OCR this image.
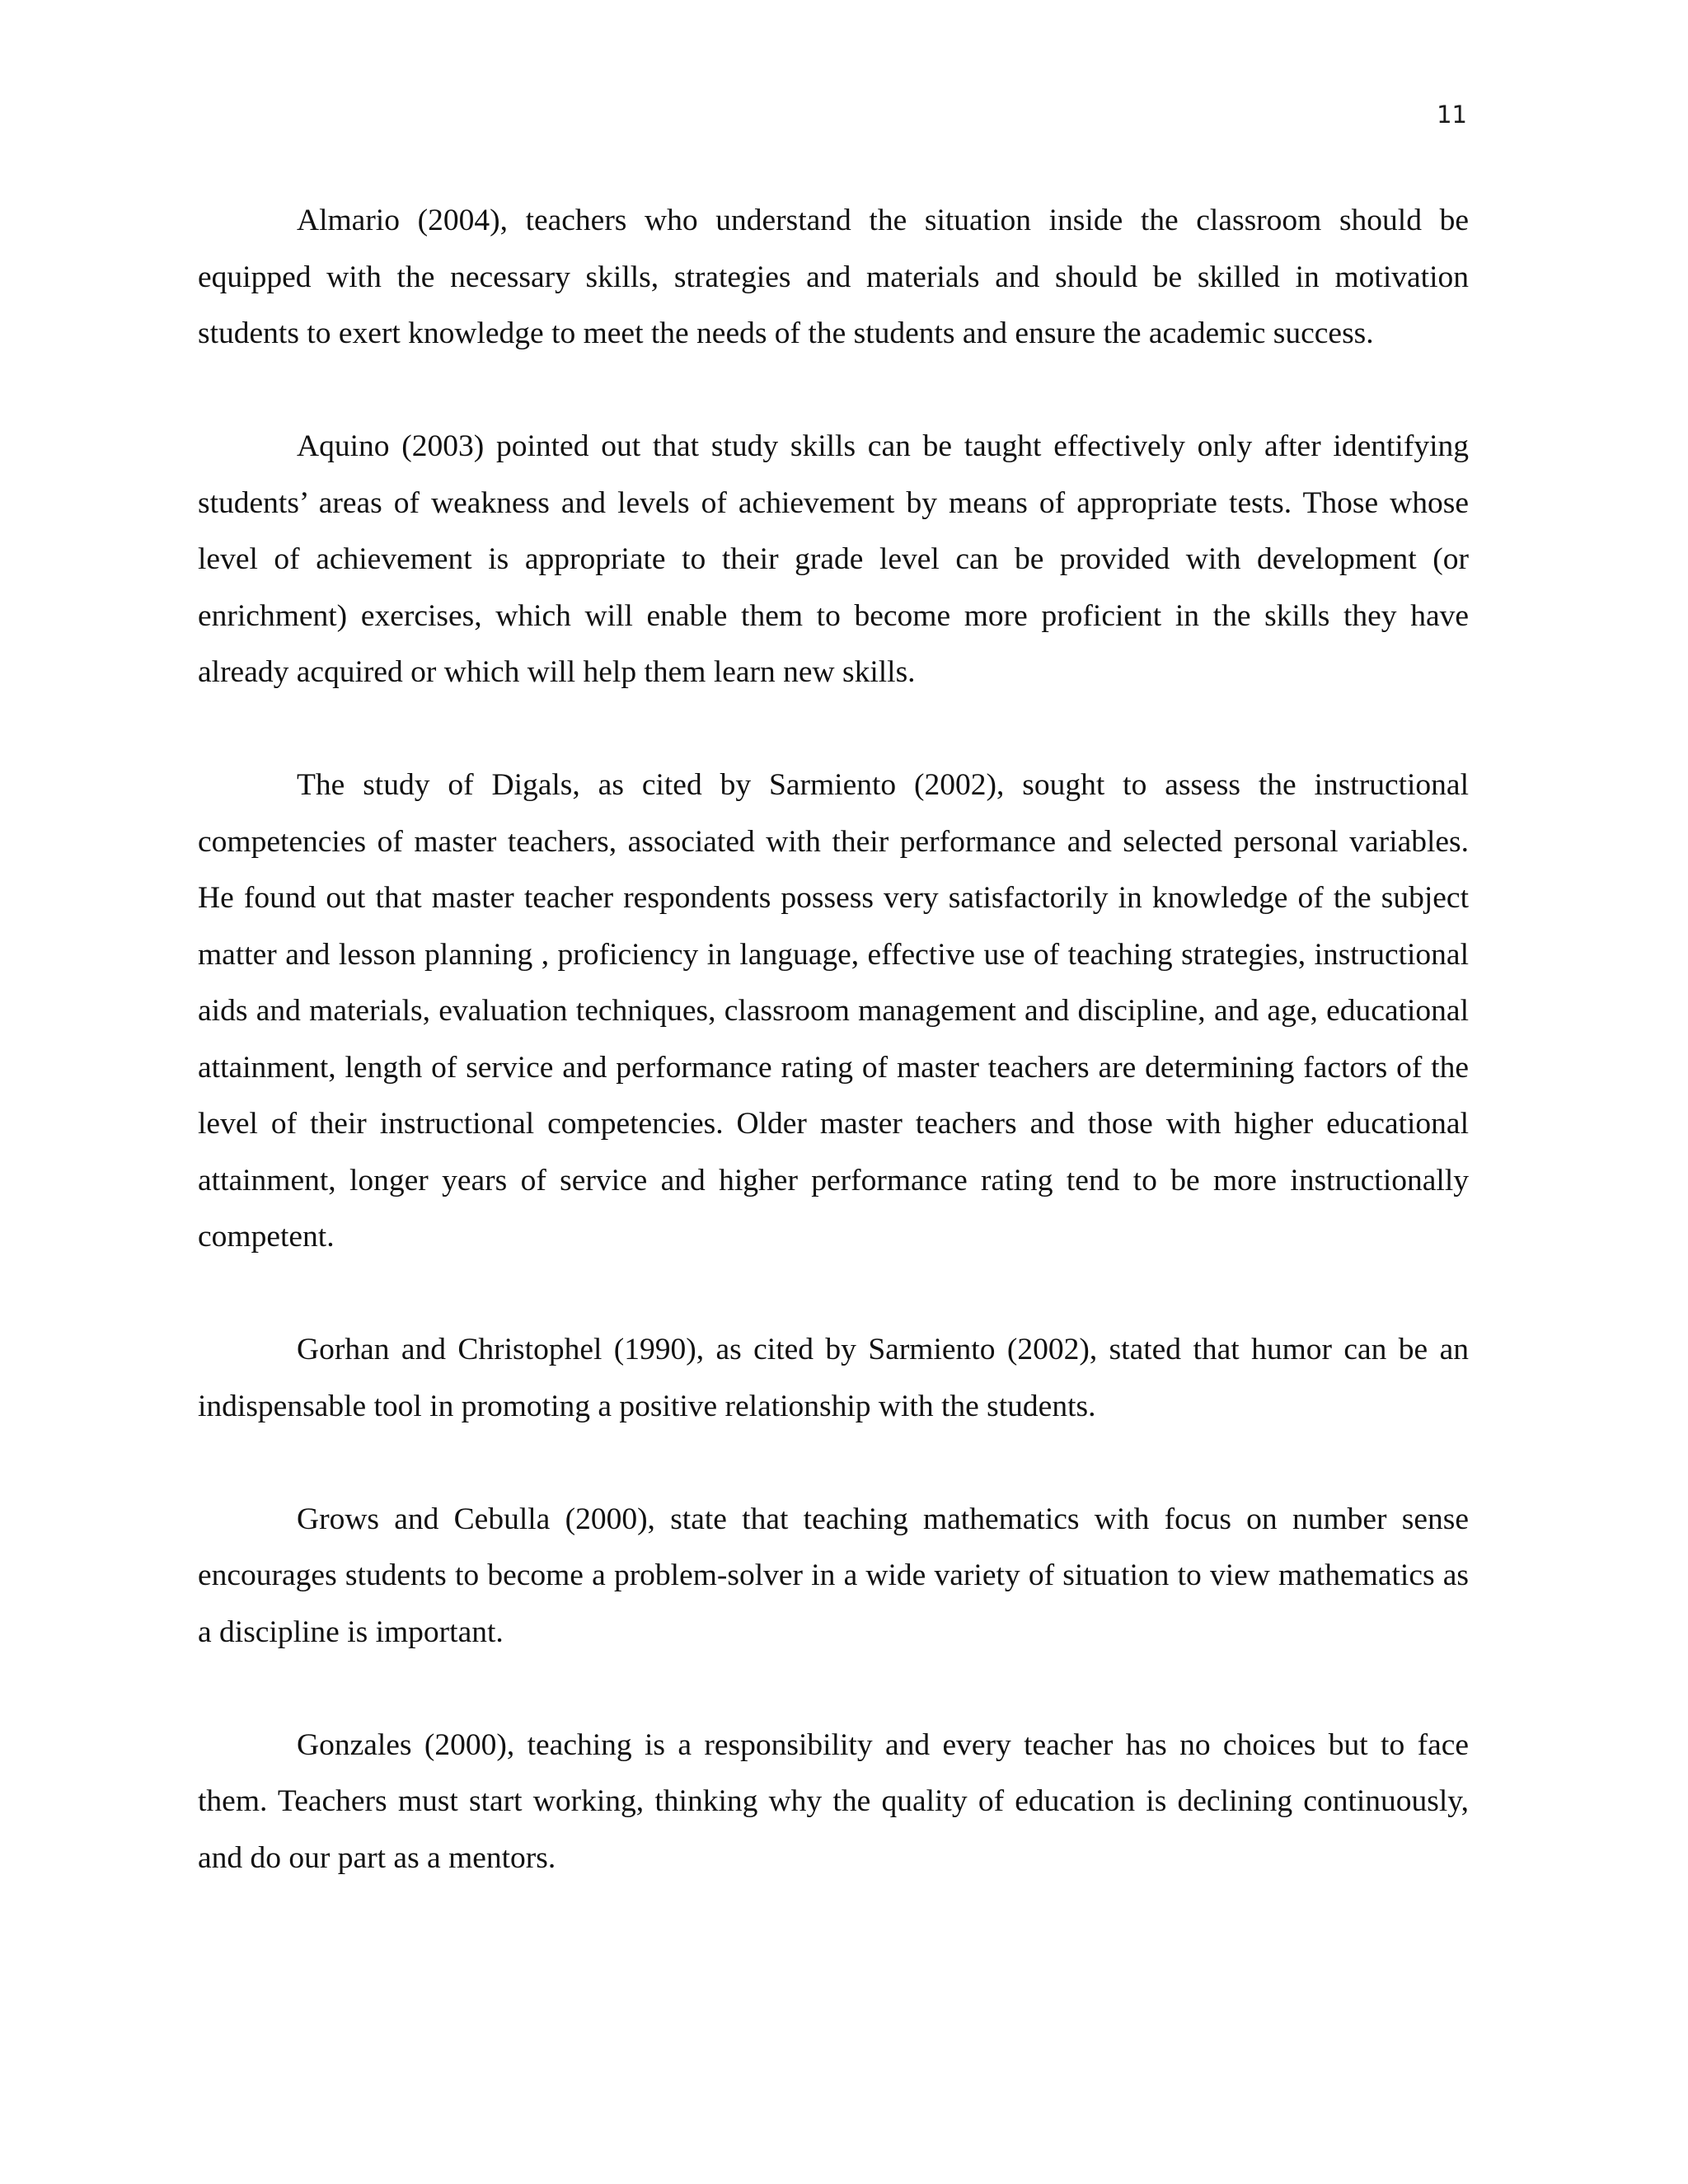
11

Almario (2004), teachers who understand the situation inside the classroom should be equipped with the necessary skills, strategies and materials and should be skilled in motivation students to exert knowledge to meet the needs of the students and ensure the academic success.

Aquino (2003) pointed out that study skills can be taught effectively only after identifying students’ areas of weakness and levels of achievement by means of appropriate tests. Those whose level of achievement is appropriate to their grade level can be provided with development (or enrichment) exercises, which will enable them to become more proficient in the skills they have already acquired or which will help them learn new skills.

The study of Digals, as cited by Sarmiento (2002), sought to assess the instructional competencies of master teachers, associated with their performance and selected personal variables. He found out that master teacher respondents possess very satisfactorily in knowledge of the subject matter and lesson planning , proficiency in language, effective use of teaching strategies, instructional aids and materials, evaluation techniques, classroom management and discipline, and age, educational attainment, length of service and performance rating of master teachers are determining factors of the level of their instructional competencies. Older master teachers and those with higher educational attainment, longer years of service and higher performance rating tend to be more instructionally competent.

Gorhan and Christophel (1990), as cited by Sarmiento (2002), stated that humor can be an indispensable tool in promoting a positive relationship with the students.

Grows and Cebulla (2000), state that teaching mathematics with focus on number sense encourages students to become a problem-solver in a wide variety of situation to view mathematics as a discipline is important.

Gonzales (2000), teaching is a responsibility and every teacher has no choices but to face them. Teachers must start working, thinking why the quality of education is declining continuously, and do our part as a mentors.
